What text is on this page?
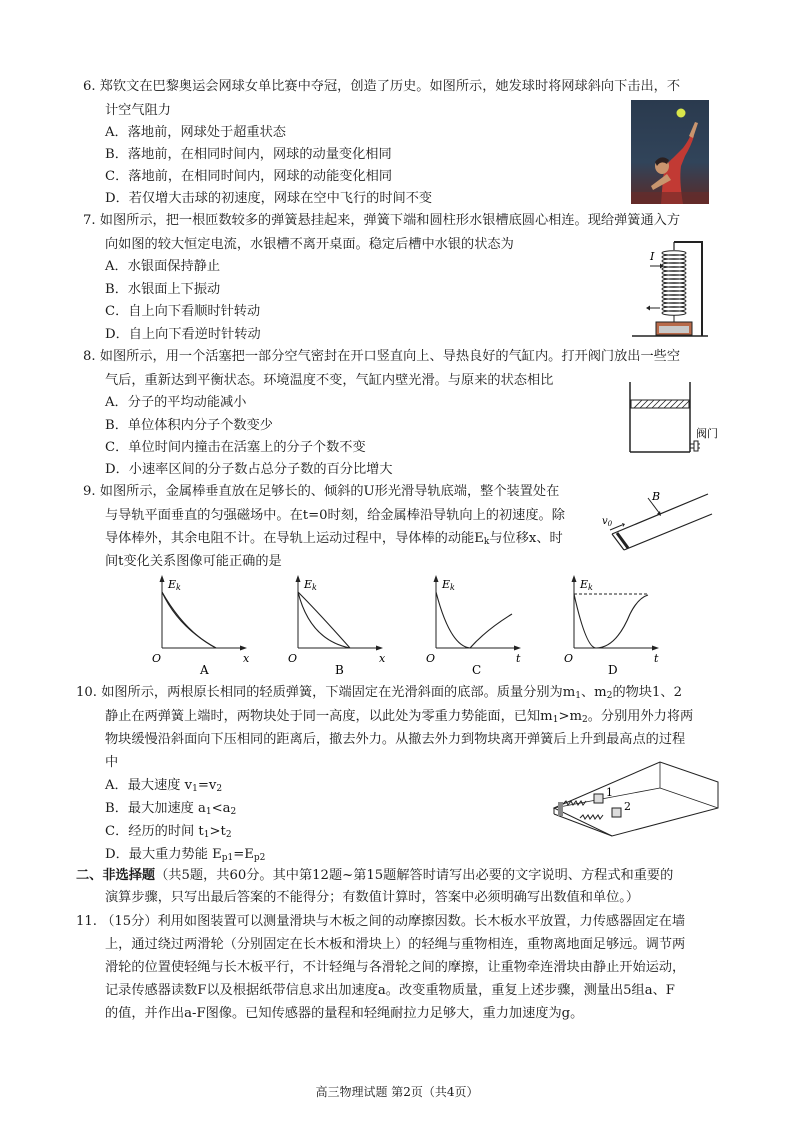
6. 郑钦文在巴黎奥运会网球女单比赛中夺冠，创造了历史。如图所示，她发球时将网球斜向下击出，不
计空气阻力
A．落地前，网球处于超重状态
B．落地前，在相同时间内，网球的动量变化相同
C．落地前，在相同时间内，网球的动能变化相同
D．若仅增大击球的初速度，网球在空中飞行的时间不变
7. 如图所示，把一根匝数较多的弹簧悬挂起来，弹簧下端和圆柱形水银槽底圆心相连。现给弹簧通入方
向如图的较大恒定电流，水银槽不离开桌面。稳定后槽中水银的状态为
A．水银面保持静止
B．水银面上下振动
C．自上向下看顺时针转动
D．自上向下看逆时针转动
I
8. 如图所示，用一个活塞把一部分空气密封在开口竖直向上、导热良好的气缸内。打开阀门放出一些空
气后，重新达到平衡状态。环境温度不变，气缸内壁光滑。与原来的状态相比
A．分子的平均动能减小
B．单位体积内分子个数变少
C．单位时间内撞击在活塞上的分子个数不变
D．小速率区间的分子数占总分子数的百分比增大
阀门
9. 如图所示，金属棒垂直放在足够长的、倾斜的U形光滑导轨底端，整个装置处在
与导轨平面垂直的匀强磁场中。在t=0时刻，给金属棒沿导轨向上的初速度。除
导体棒外，其余电阻不计。在导轨上运动过程中，导体棒的动能$E_k$与位移x、时
间t变化关系图像可能正确的是
B
$v_0$
Ek
O	x
A
Ek
O	x
B
Ek
O	t
C
Ek
O	t
D
10. 如图所示，两根原长相同的轻质弹簧，下端固定在光滑斜面的底部。质量分别为$m_1$、$m_2$的物块1、2
静止在两弹簧上端时，两物块处于同一高度，以此处为零重力势能面，已知$m_1>m_2$。分别用外力将两
物块缓慢沿斜面向下压相同的距离后，撤去外力。从撤去外力到物块离开弹簧后上升到最高点的过程
中
A．最大速度 $v_1=v_2$
B．最大加速度 $a_1<a_2$
C．经历的时间 $t_1>t_2$
D．最大重力势能 $E_{p1}=E_{p2}$
1
2
二、非选择题（共5题，共60分。其中第12题~第15题解答时请写出必要的文字说明、方程式和重要的
演算步骤，只写出最后答案的不能得分；有数值计算时，答案中必须明确写出数值和单位。）
11. （15分）利用如图装置可以测量滑块与木板之间的动摩擦因数。长木板水平放置，力传感器固定在墙
上，通过绕过两滑轮（分别固定在长木板和滑块上）的轻绳与重物相连，重物离地面足够远。调节两
滑轮的位置使轻绳与长木板平行，不计轻绳与各滑轮之间的摩擦，让重物牵连滑块由静止开始运动，
记录传感器读数F以及根据纸带信息求出加速度a。改变重物质量，重复上述步骤，测量出5组a、F
的值，并作出a-F图像。已知传感器的量程和轻绳耐拉力足够大，重力加速度为g。
高三物理试题 第2页（共4页）
